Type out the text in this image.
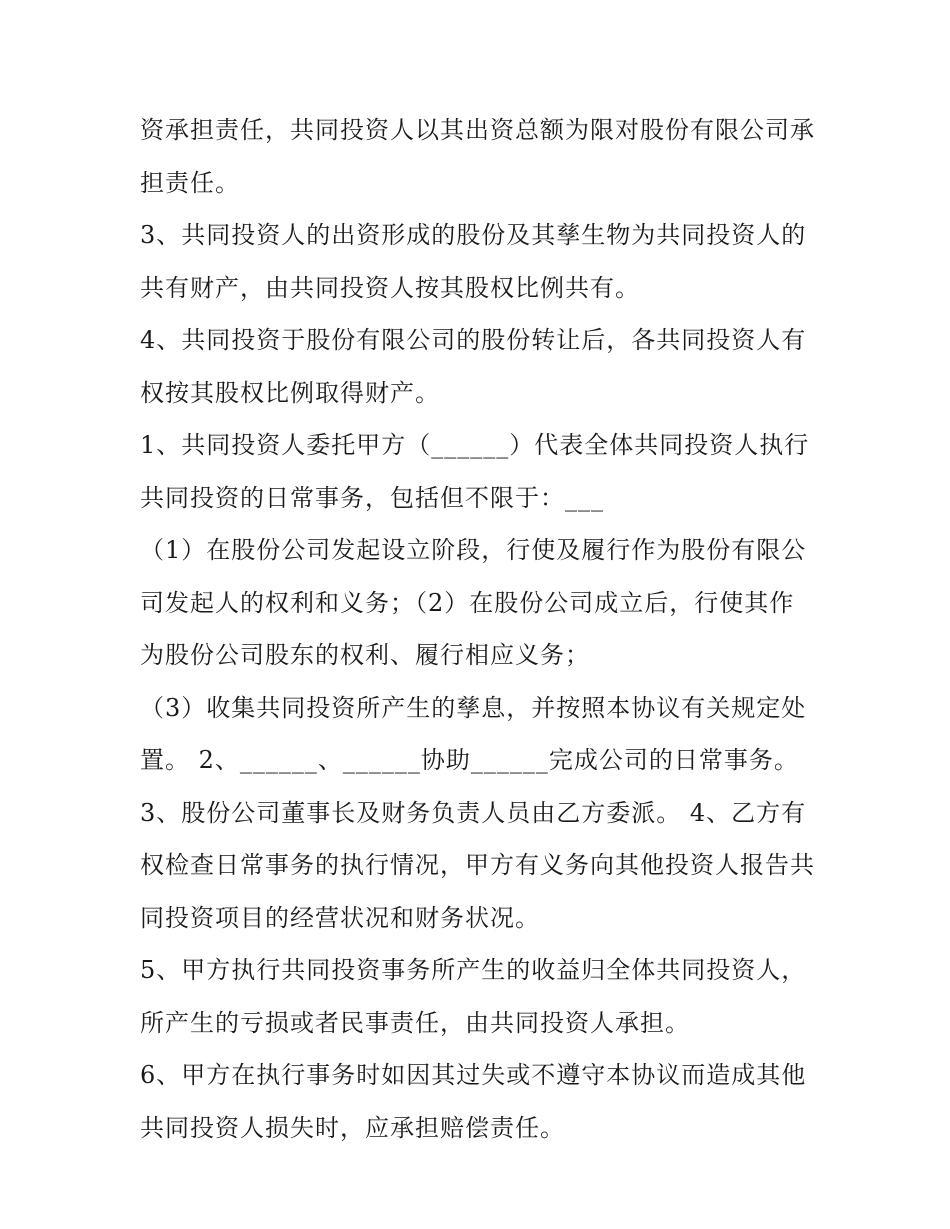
资承担责任，共同投资人以其出资总额为限对股份有限公司承
担责任。
3、共同投资人的出资形成的股份及其孳生物为共同投资人的
共有财产，由共同投资人按其股权比例共有。
4、共同投资于股份有限公司的股份转让后，各共同投资人有
权按其股权比例取得财产。
1、共同投资人委托甲方（______）代表全体共同投资人执行
共同投资的日常事务，包括但不限于：___
（1）在股份公司发起设立阶段，行使及履行作为股份有限公
司发起人的权利和义务；（2）在股份公司成立后，行使其作
为股份公司股东的权利、履行相应义务；
（3）收集共同投资所产生的孳息，并按照本协议有关规定处
置。 2、______、______协助______完成公司的日常事务。
3、股份公司董事长及财务负责人员由乙方委派。 4、乙方有
权检查日常事务的执行情况，甲方有义务向其他投资人报告共
同投资项目的经营状况和财务状况。
5、甲方执行共同投资事务所产生的收益归全体共同投资人，
所产生的亏损或者民事责任，由共同投资人承担。
6、甲方在执行事务时如因其过失或不遵守本协议而造成其他
共同投资人损失时，应承担赔偿责任。
